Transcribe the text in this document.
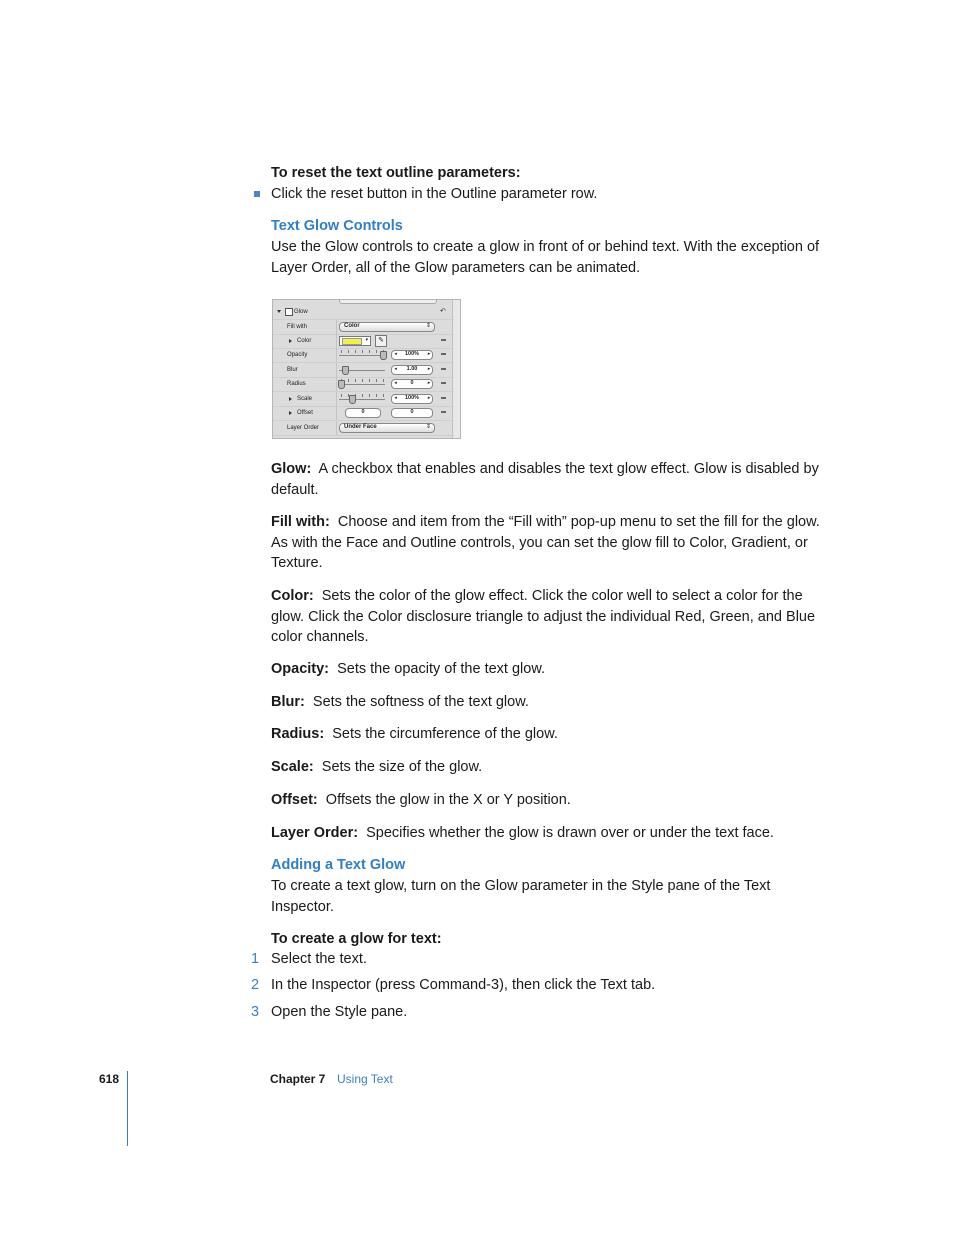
To reset the text outline parameters:

Click the reset button in the Outline parameter row.

Text Glow Controls

Use the Glow controls to create a glow in front of or behind text. With the exception of Layer Order, all of the Glow parameters can be animated.

Glow	↶
Fill with	Color	⇕
Color	▾	✎
Opacity	◂	100%	▸
Blur	◂	1.00	▸
Radius	◂	0	▸
Scale	◂	100%	▸
Offset	0	0
Layer Order	Under Face	⇕

Glow: A checkbox that enables and disables the text glow effect. Glow is disabled by default.

Fill with: Choose and item from the “Fill with” pop-up menu to set the fill for the glow. As with the Face and Outline controls, you can set the glow fill to Color, Gradient, or Texture.

Color: Sets the color of the glow effect. Click the color well to select a color for the glow. Click the Color disclosure triangle to adjust the individual Red, Green, and Blue color channels.

Opacity: Sets the opacity of the text glow.

Blur: Sets the softness of the text glow.

Radius: Sets the circumference of the glow.

Scale: Sets the size of the glow.

Offset: Offsets the glow in the X or Y position.

Layer Order: Specifies whether the glow is drawn over or under the text face.

Adding a Text Glow

To create a text glow, turn on the Glow parameter in the Style pane of the Text Inspector.

To create a glow for text:

1 Select the text.

2 In the Inspector (press Command-3), then click the Text tab.

3 Open the Style pane.

618	Chapter 7 Using Text
